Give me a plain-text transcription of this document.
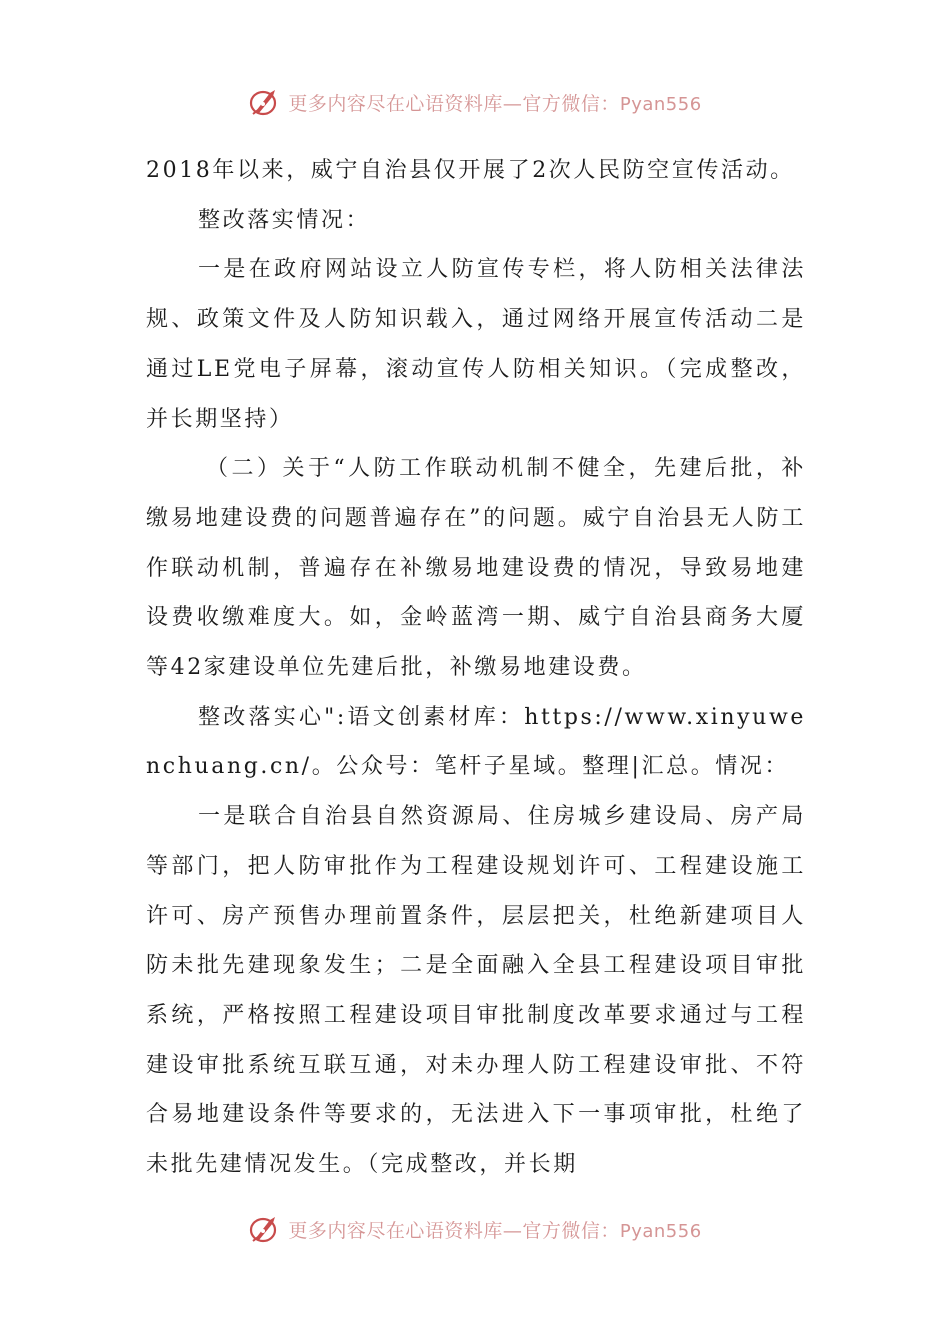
更多内容尽在心语资料库—官方微信：Pyan556

2018年以来，威宁自治县仅开展了2次人民防空宣传活动。

整改落实情况：

一是在政府网站设立人防宣传专栏，将人防相关法律法规、政策文件及人防知识载入，通过网络开展宣传活动二是通过LE党电子屏幕，滚动宣传人防相关知识。（完成整改，并长期坚持）

（二）关于“人防工作联动机制不健全，先建后批，补缴易地建设费的问题普遍存在”的问题。威宁自治县无人防工作联动机制，普遍存在补缴易地建设费的情况，导致易地建设费收缴难度大。如，金岭蓝湾一期、威宁自治县商务大厦等42家建设单位先建后批，补缴易地建设费。

整改落实心":语文创素材库：https://www.xinyuwenchuang.cn/。公众号：笔杆子星域。整理|汇总。情况：

一是联合自治县自然资源局、住房城乡建设局、房产局等部门，把人防审批作为工程建设规划许可、工程建设施工许可、房产预售办理前置条件，层层把关，杜绝新建项目人防未批先建现象发生；二是全面融入全县工程建设项目审批系统，严格按照工程建设项目审批制度改革要求通过与工程建设审批系统互联互通，对未办理人防工程建设审批、不符合易地建设条件等要求的，无法进入下一事项审批，杜绝了未批先建情况发生。（完成整改，并长期

更多内容尽在心语资料库—官方微信：Pyan556
